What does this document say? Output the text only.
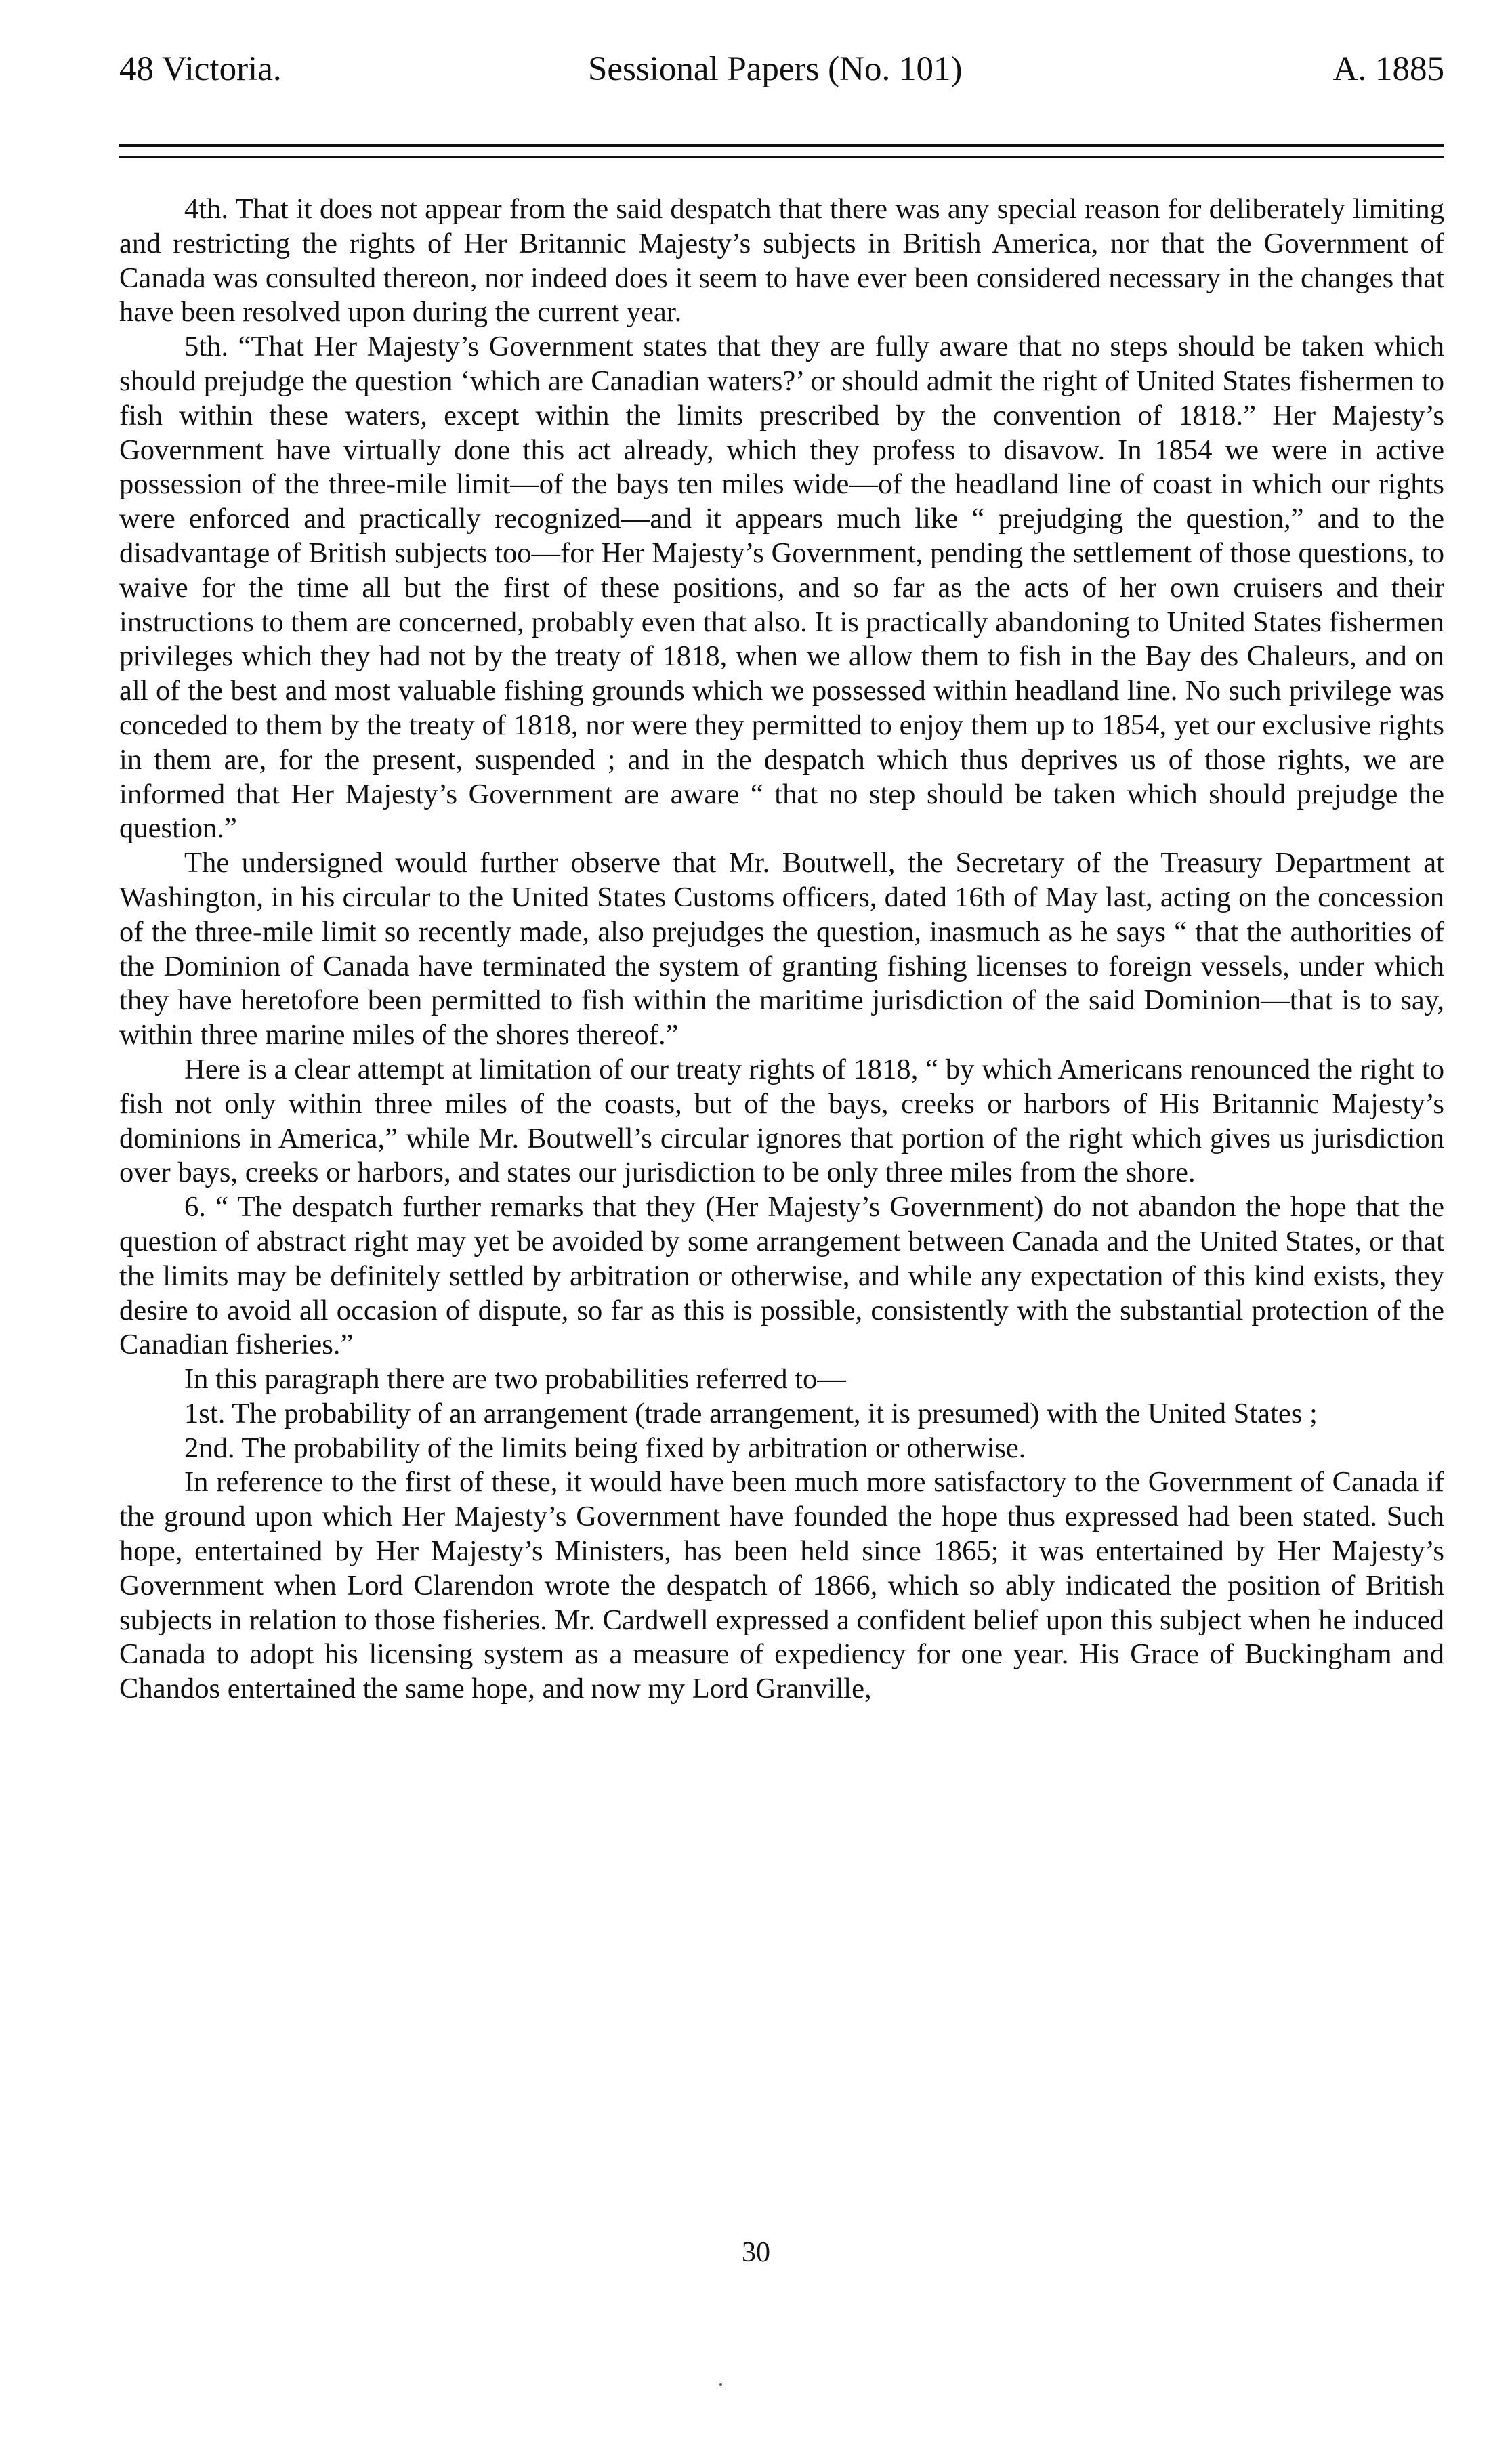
48 Victoria.	Sessional Papers (No. 101)	A. 1885

4th. That it does not appear from the said despatch that there was any special reason for deliberately limiting and restricting the rights of Her Britannic Majesty’s subjects in British America, nor that the Government of Canada was consulted thereon, nor indeed does it seem to have ever been considered necessary in the changes that have been resolved upon during the current year.

5th. “That Her Majesty’s Government states that they are fully aware that no steps should be taken which should prejudge the question ‘which are Canadian waters?’ or should admit the right of United States fishermen to fish within these waters, except within the limits prescribed by the convention of 1818.” Her Majesty’s Government have virtually done this act already, which they profess to disavow. In 1854 we were in active possession of the three-mile limit—of the bays ten miles wide—of the headland line of coast in which our rights were enforced and practically recognized—and it appears much like “ prejudging the question,” and to the disadvantage of British subjects too—for Her Majesty’s Government, pending the settlement of those questions, to waive for the time all but the first of these positions, and so far as the acts of her own cruisers and their instructions to them are concerned, probably even that also. It is practically abandoning to United States fishermen privileges which they had not by the treaty of 1818, when we allow them to fish in the Bay des Chaleurs, and on all of the best and most valuable fishing grounds which we possessed within headland line. No such privilege was conceded to them by the treaty of 1818, nor were they permitted to enjoy them up to 1854, yet our exclusive rights in them are, for the present, suspended ; and in the despatch which thus deprives us of those rights, we are informed that Her Majesty’s Government are aware “ that no step should be taken which should prejudge the question.”

The undersigned would further observe that Mr. Boutwell, the Secretary of the Treasury Department at Washington, in his circular to the United States Customs officers, dated 16th of May last, acting on the concession of the three-mile limit so recently made, also prejudges the question, inasmuch as he says “ that the authorities of the Dominion of Canada have terminated the system of granting fishing licenses to foreign vessels, under which they have heretofore been permitted to fish within the maritime jurisdiction of the said Dominion—that is to say, within three marine miles of the shores thereof.”

Here is a clear attempt at limitation of our treaty rights of 1818, “ by which Americans renounced the right to fish not only within three miles of the coasts, but of the bays, creeks or harbors of His Britannic Majesty’s dominions in America,” while Mr. Boutwell’s circular ignores that portion of the right which gives us jurisdiction over bays, creeks or harbors, and states our jurisdiction to be only three miles from the shore.

6. “ The despatch further remarks that they (Her Majesty’s Government) do not abandon the hope that the question of abstract right may yet be avoided by some arrangement between Canada and the United States, or that the limits may be definitely settled by arbitration or otherwise, and while any expectation of this kind exists, they desire to avoid all occasion of dispute, so far as this is possible, consistently with the substantial protection of the Canadian fisheries.”

In this paragraph there are two probabilities referred to—

1st. The probability of an arrangement (trade arrangement, it is presumed) with the United States ;

2nd. The probability of the limits being fixed by arbitration or otherwise.

In reference to the first of these, it would have been much more satisfactory to the Government of Canada if the ground upon which Her Majesty’s Government have founded the hope thus expressed had been stated. Such hope, entertained by Her Majesty’s Ministers, has been held since 1865; it was entertained by Her Majesty’s Government when Lord Clarendon wrote the despatch of 1866, which so ably indicated the position of British subjects in relation to those fisheries. Mr. Cardwell expressed a confident belief upon this subject when he induced Canada to adopt his licensing system as a measure of expediency for one year. His Grace of Buckingham and Chandos entertained the same hope, and now my Lord Granville,

30
